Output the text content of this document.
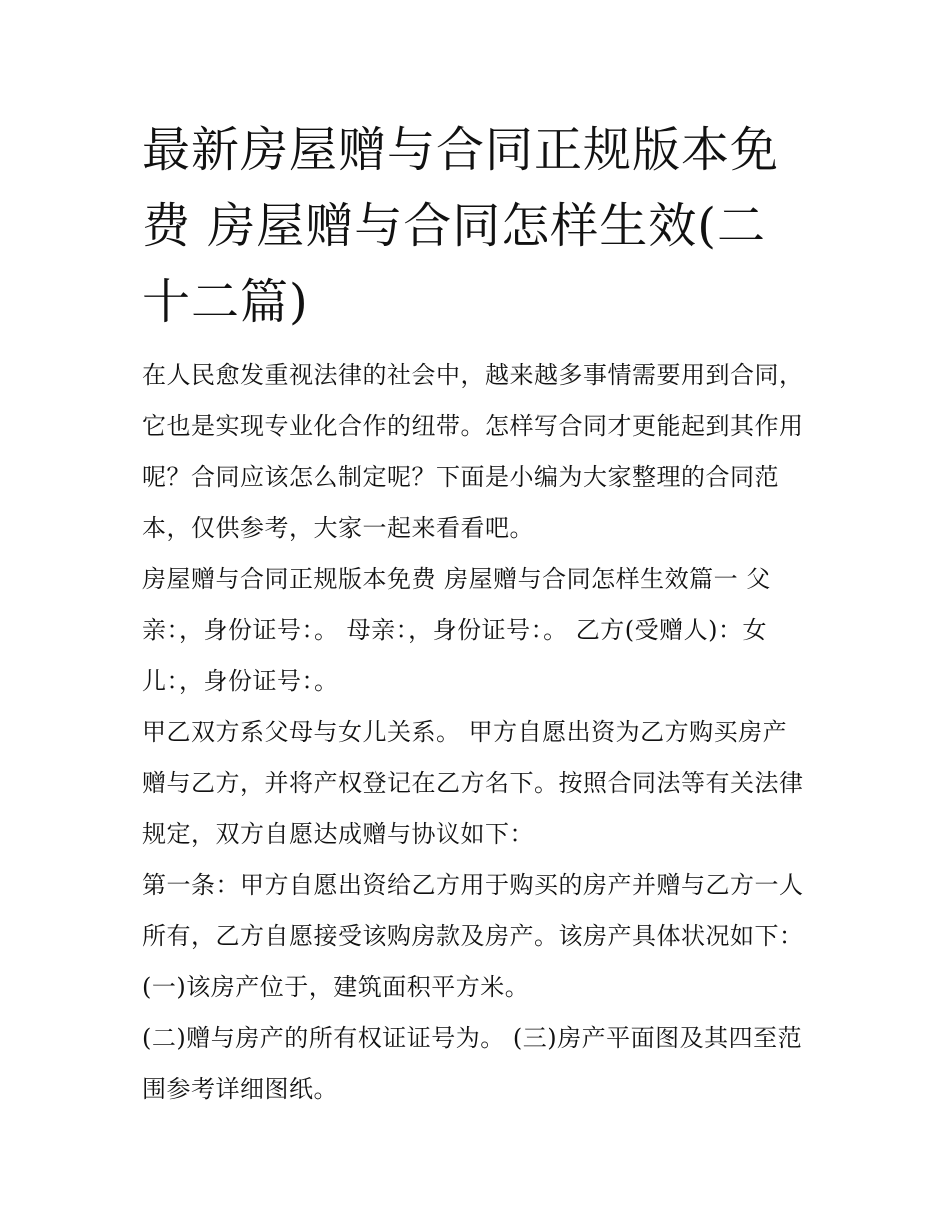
最新房屋赠与合同正规版本免费 房屋赠与合同怎样生效(二十二篇)

在人民愈发重视法律的社会中，越来越多事情需要用到合同，它也是实现专业化合作的纽带。怎样写合同才更能起到其作用呢？合同应该怎么制定呢？下面是小编为大家整理的合同范本，仅供参考，大家一起来看看吧。

房屋赠与合同正规版本免费 房屋赠与合同怎样生效篇一 父亲：，身份证号：。 母亲：，身份证号：。 乙方(受赠人)：女儿：，身份证号：。

甲乙双方系父母与女儿关系。 甲方自愿出资为乙方购买房产赠与乙方，并将产权登记在乙方名下。按照合同法等有关法律规定，双方自愿达成赠与协议如下：

第一条：甲方自愿出资给乙方用于购买的房产并赠与乙方一人所有，乙方自愿接受该购房款及房产。该房产具体状况如下：

(一)该房产位于，建筑面积平方米。

(二)赠与房产的所有权证证号为。 (三)房产平面图及其四至范围参考详细图纸。
